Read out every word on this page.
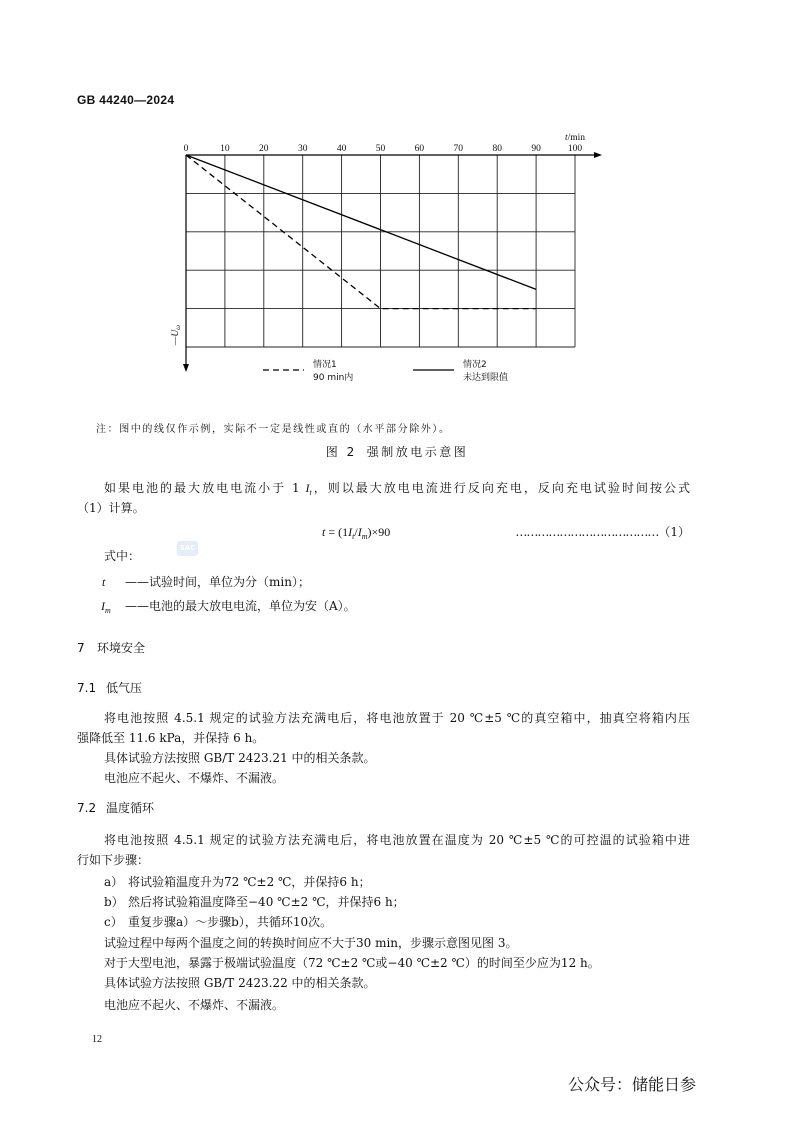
GB 44240—2024
0	10	20	30	40	50	60	70	80	90	100
t/min
$—U_\omega$
情况1
90 min内
情况2
未达到限值
注：图中的线仅作示例，实际不一定是线性或直的（水平部分除外）。
图 2 强制放电示意图
如果电池的最大放电电流小于 1 $I_t$，则以最大放电电流进行反向充电，反向充电试验时间按公式
（1）计算。
$t = (1I_t/I_m)\times 90$	…………………………………（1）
SAC
式中：
t ——试验时间，单位为分（min）；
$I_m$ ——电池的最大放电电流，单位为安（A）。
7 环境安全
7.1 低气压
将电池按照 4.5.1 规定的试验方法充满电后，将电池放置于 20 ℃±5 ℃的真空箱中，抽真空将箱内压
强降低至 11.6 kPa，并保持 6 h。
具体试验方法按照 GB/T 2423.21 中的相关条款。
电池应不起火、不爆炸、不漏液。
7.2 温度循环
将电池按照 4.5.1 规定的试验方法充满电后，将电池放置在温度为 20 ℃±5 ℃的可控温的试验箱中进
行如下步骤：
a） 将试验箱温度升为72 ℃±2 ℃，并保持6 h；
b） 然后将试验箱温度降至−40 ℃±2 ℃，并保持6 h；
c） 重复步骤a）～步骤b），共循环10次。
试验过程中每两个温度之间的转换时间应不大于30 min，步骤示意图见图 3。
对于大型电池，暴露于极端试验温度（72 ℃±2 ℃或−40 ℃±2 ℃）的时间至少应为12 h。
具体试验方法按照 GB/T 2423.22 中的相关条款。
电池应不起火、不爆炸、不漏液。
12
公众号：储能日参
